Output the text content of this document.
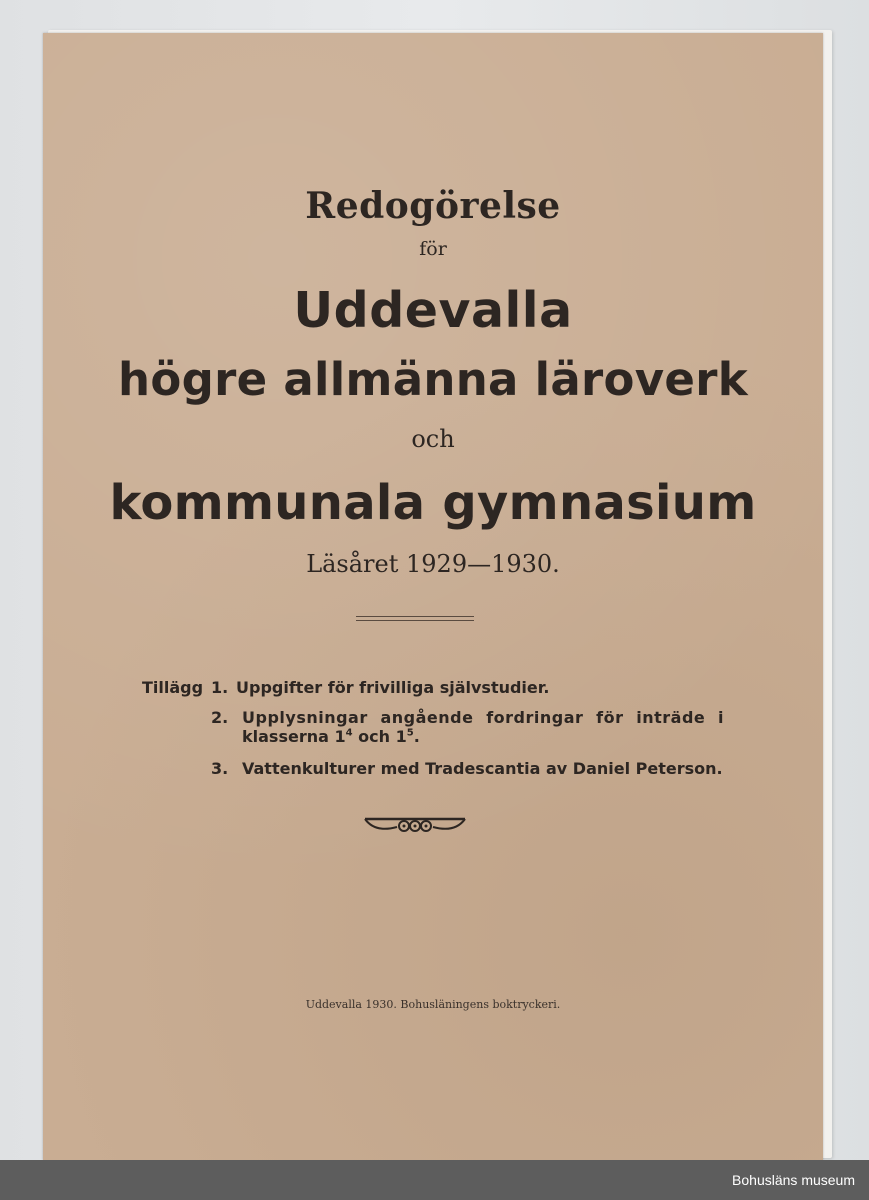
Redogörelse
för
Uddevalla
högre allmänna läroverk
och
kommunala gymnasium
Läsåret 1929—1930.
Tillägg 1. Uppgifter för frivilliga självstudier.
2. Upplysningar angående fordringar för inträde i
klasserna $1^4$ och $1^5$.
3. Vattenkulturer med Tradescantia av Daniel Peterson.
Uddevalla 1930. Bohusläningens boktryckeri.
Bohusläns museum
